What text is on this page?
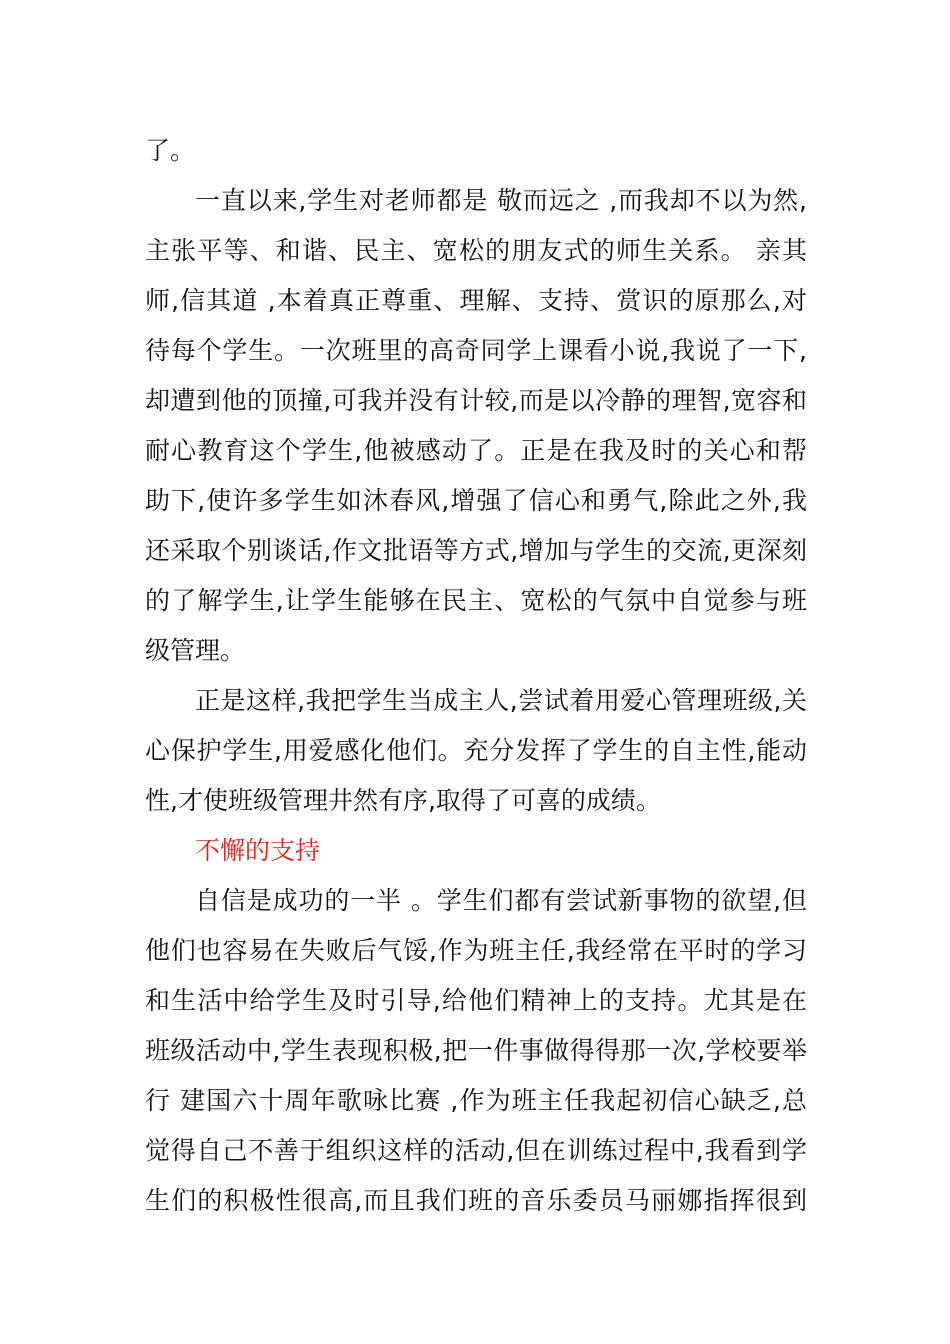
了。
一直以来,学生对老师都是 敬而远之 ,而我却不以为然,
主张平等、和谐、民主、宽松的朋友式的师生关系。 亲其
师,信其道 ,本着真正尊重、理解、支持、赏识的原那么,对
待每个学生。一次班里的高奇同学上课看小说,我说了一下,
却遭到他的顶撞,可我并没有计较,而是以冷静的理智,宽容和
耐心教育这个学生,他被感动了。正是在我及时的关心和帮
助下,使许多学生如沐春风,增强了信心和勇气,除此之外,我
还采取个别谈话,作文批语等方式,增加与学生的交流,更深刻
的了解学生,让学生能够在民主、宽松的气氛中自觉参与班
级管理。
正是这样,我把学生当成主人,尝试着用爱心管理班级,关
心保护学生,用爱感化他们。充分发挥了学生的自主性,能动
性,才使班级管理井然有序,取得了可喜的成绩。
不懈的支持
自信是成功的一半 。学生们都有尝试新事物的欲望,但
他们也容易在失败后气馁,作为班主任,我经常在平时的学习
和生活中给学生及时引导,给他们精神上的支持。尤其是在
班级活动中,学生表现积极,把一件事做得得那一次,学校要举
行 建国六十周年歌咏比赛 ,作为班主任我起初信心缺乏,总
觉得自己不善于组织这样的活动,但在训练过程中,我看到学
生们的积极性很高,而且我们班的音乐委员马丽娜指挥很到
